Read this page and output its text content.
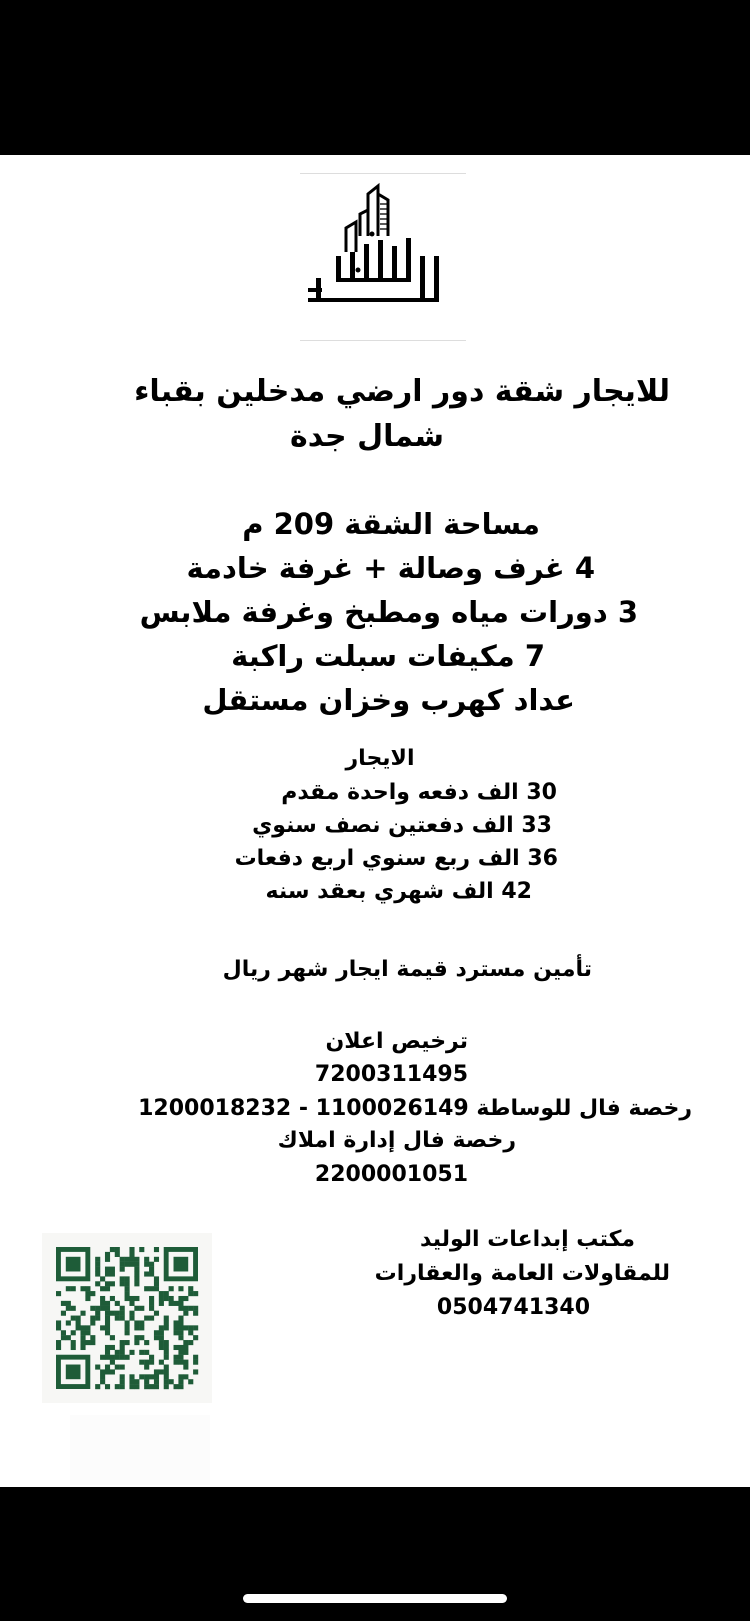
للايجار شقة دور ارضي مدخلين بقباء

شمال جدة

مساحة الشقة 209 م

4 غرف وصالة + غرفة خادمة

3 دورات مياه ومطبخ وغرفة ملابس

7 مكيفات سبلت راكبة

عداد كهرب وخزان مستقل

الايجار

30 الف دفعه واحدة مقدم

33 الف دفعتين نصف سنوي

36 الف ربع سنوي اربع دفعات

42 الف شهري بعقد سنه

تأمين مسترد قيمة ايجار شهر ريال

ترخيص اعلان

7200311495

رخصة فال للوساطة 1100026149 - 1200018232

رخصة فال إدارة املاك

2200001051

مكتب إبداعات الوليد

للمقاولات العامة والعقارات

0504741340
